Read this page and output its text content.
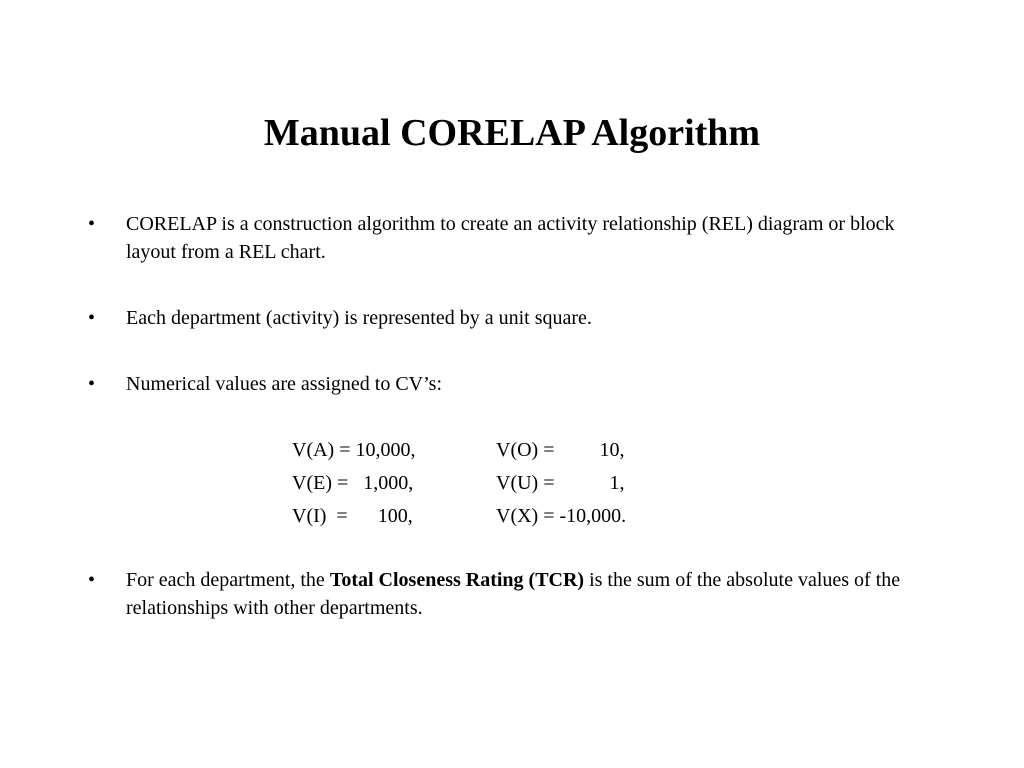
Manual CORELAP Algorithm
• CORELAP is a construction algorithm to create an activity relationship (REL) diagram or block layout from a REL chart.
• Each department (activity) is represented by a unit square.
• Numerical values are assigned to CV’s:
V(A) = 10,000,	V(O) =         10,
V(E) =   1,000,	V(U) =           1,
V(I)  =      100,	V(X) = -10,000.
• For each department, the Total Closeness Rating (TCR) is the sum of the absolute values of the relationships with other departments.
